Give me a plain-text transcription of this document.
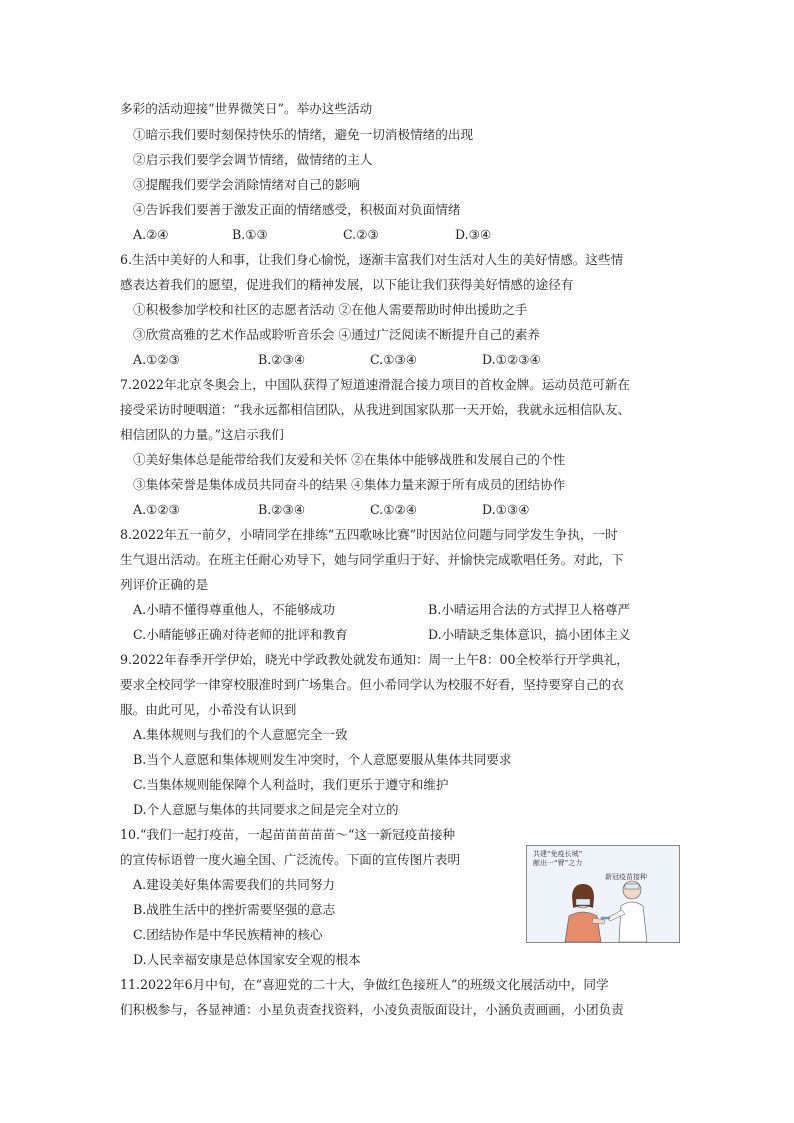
多彩的活动迎接“世界微笑日”。举办这些活动
①暗示我们要时刻保持快乐的情绪，避免一切消极情绪的出现
②启示我们要学会调节情绪，做情绪的主人
③提醒我们要学会消除情绪对自己的影响
④告诉我们要善于激发正面的情绪感受，积极面对负面情绪
A.②④	B.①③	C.②③	D.③④
6.生活中美好的人和事，让我们身心愉悦，逐渐丰富我们对生活对人生的美好情感。这些情
感表达着我们的愿望，促进我们的精神发展，以下能让我们获得美好情感的途径有
①积极参加学校和社区的志愿者活动 ②在他人需要帮助时伸出援助之手
③欣赏高雅的艺术作品或聆听音乐会 ④通过广泛阅读不断提升自己的素养
A.①②③	B.②③④	C.①③④	D.①②③④
7.2022年北京冬奥会上，中国队获得了短道速滑混合接力项目的首枚金牌。运动员范可新在
接受采访时哽咽道：“我永远都相信团队，从我进到国家队那一天开始，我就永远相信队友、
相信团队的力量。”这启示我们
①美好集体总是能带给我们友爱和关怀 ②在集体中能够战胜和发展自己的个性
③集体荣誉是集体成员共同奋斗的结果 ④集体力量来源于所有成员的团结协作
A.①②③	B.②③④	C.①②④	D.①③④
8.2022年五一前夕，小晴同学在排练“五四歌咏比赛”时因站位问题与同学发生争执，一时
生气退出活动。在班主任耐心劝导下，她与同学重归于好、并愉快完成歌唱任务。对此，下
列评价正确的是
A.小晴不懂得尊重他人，不能够成功	B.小晴运用合法的方式捍卫人格尊严
C.小晴能够正确对待老师的批评和教育	D.小晴缺乏集体意识，搞小团体主义
9.2022年春季开学伊始，晓光中学政教处就发布通知：周一上午8：00全校举行开学典礼，
要求全校同学一律穿校服准时到广场集合。但小希同学认为校服不好看，坚持要穿自己的衣
服。由此可见，小希没有认识到
A.集体规则与我们的个人意愿完全一致
B.当个人意愿和集体规则发生冲突时，个人意愿要服从集体共同要求
C.当集体规则能保障个人利益时，我们更乐于遵守和维护
D.个人意愿与集体的共同要求之间是完全对立的
10.“我们一起打疫苗，一起苗苗苗苗苗～“这一新冠疫苗接种
的宣传标语曾一度火遍全国、广泛流传。下面的宣传图片表明
A.建设美好集体需要我们的共同努力
B.战胜生活中的挫折需要坚强的意志
C.团结协作是中华民族精神的核心
D.人民幸福安康是总体国家安全观的根本
共建“免疫长城”
献出一“臂”之力
新冠疫苗接种
11.2022年6月中旬，在“喜迎党的二十大，争做红色接班人”的班级文化展活动中，同学
们积极参与，各显神通：小星负责查找资料，小凌负责版面设计，小涵负责画画，小团负责
